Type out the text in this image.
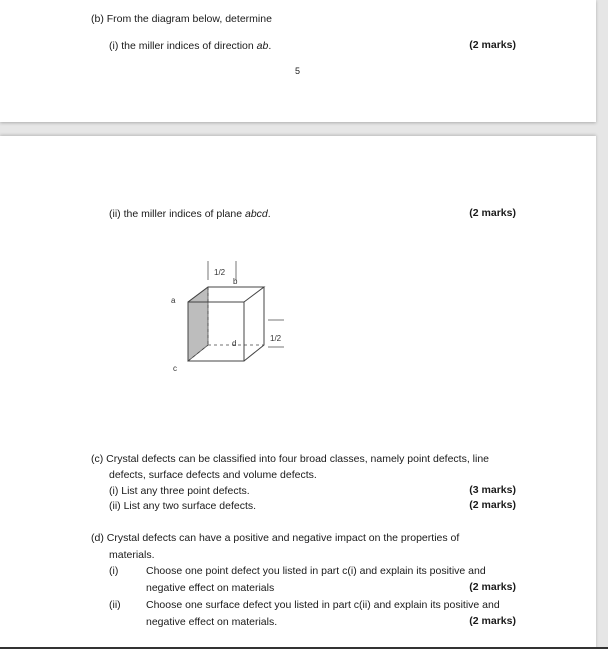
(b) From the diagram below, determine
(i) the miller indices of direction ab.	(2 marks)
5
(ii) the miller indices of plane abcd.	(2 marks)
1/2
1/2
a
b
c
d
(c) Crystal defects can be classified into four broad classes, namely point defects, line
defects, surface defects and volume defects.
(i) List any three point defects.	(3 marks)
(ii) List any two surface defects.	(2 marks)
(d) Crystal defects can have a positive and negative impact on the properties of
materials.
(i)	Choose one point defect you listed in part c(i) and explain its positive and
negative effect on materials	(2 marks)
(ii) Choose one surface defect you listed in part c(ii) and explain its positive and
negative effect on materials.	(2 marks)
